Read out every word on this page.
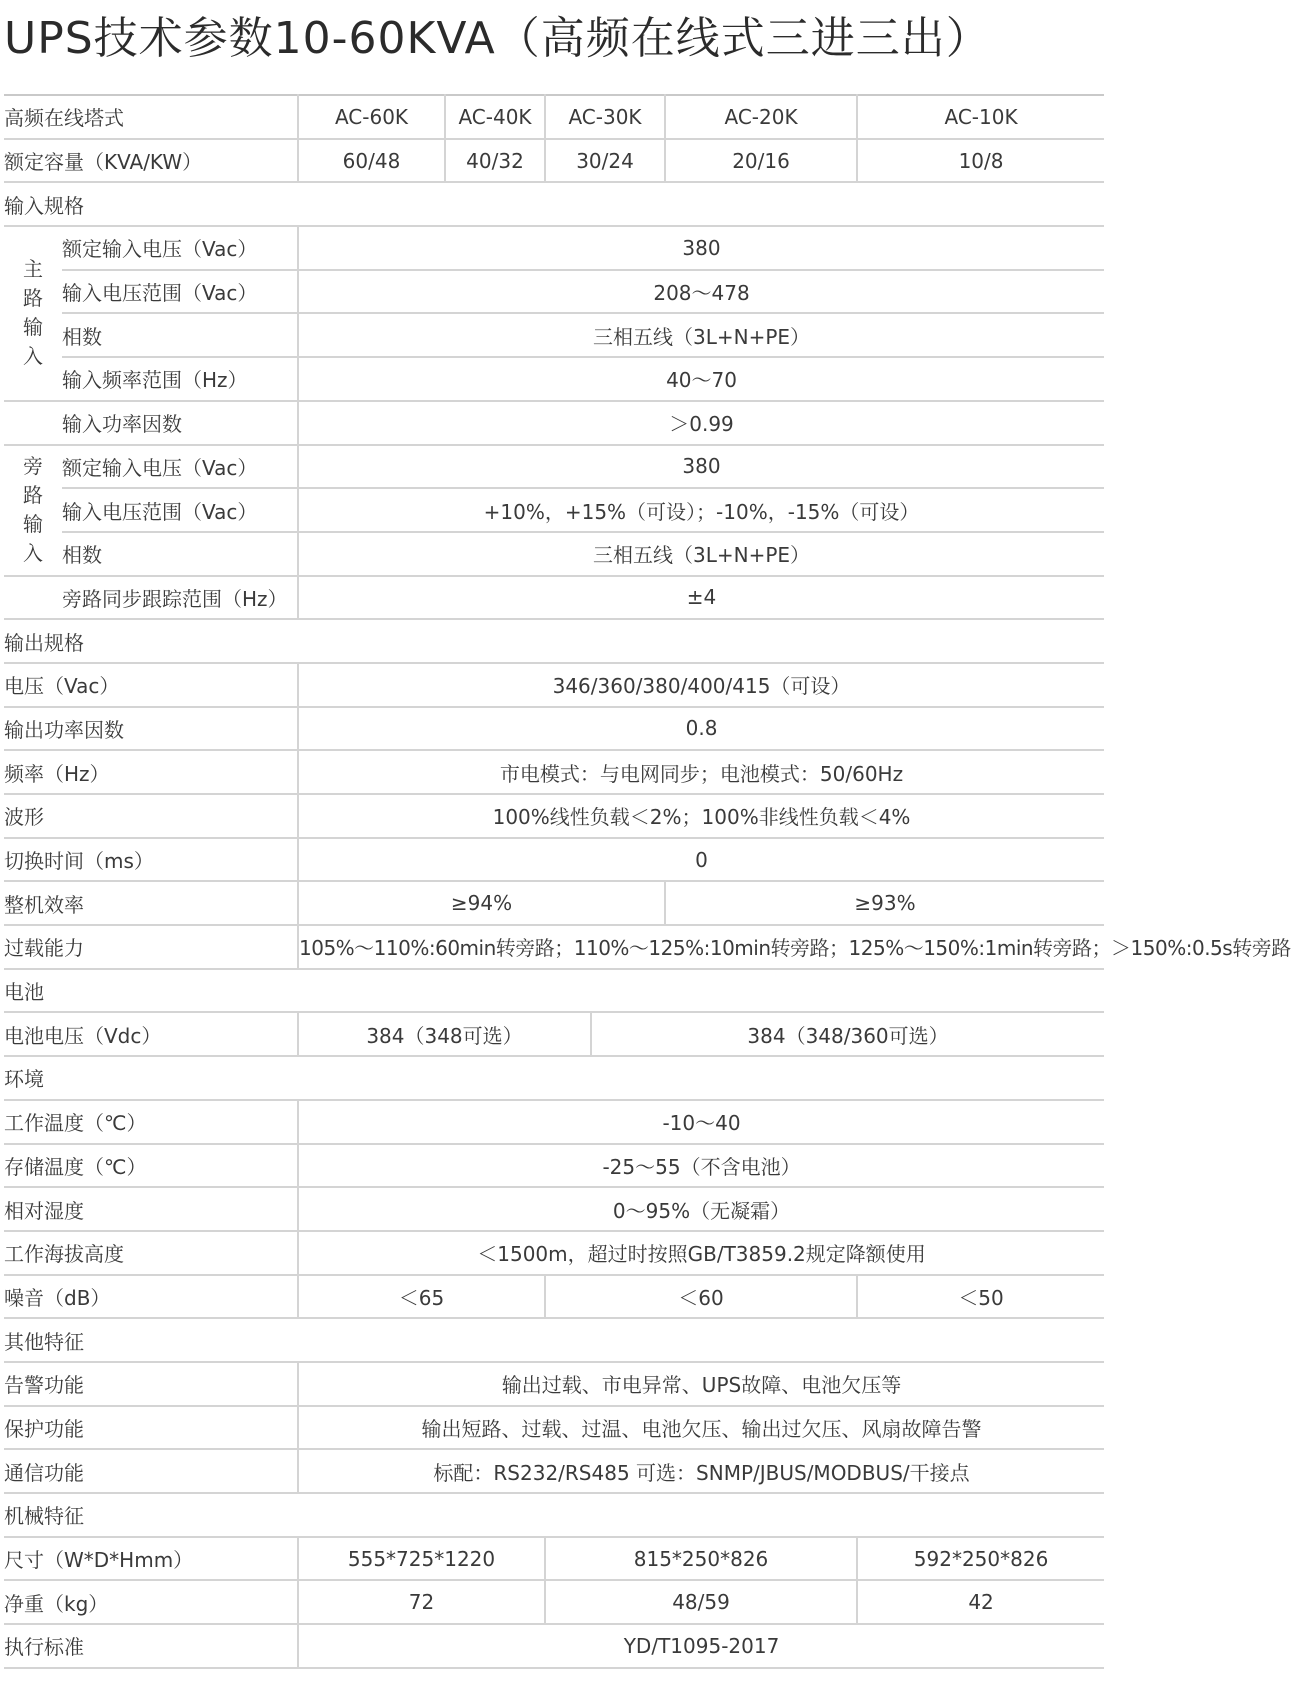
UPS技术参数10-60KVA（高频在线式三进三出）
高频在线塔式		AC-60K	AC-40K	AC-30K		AC-20K	AC-10K
额定容量（KVA/KW）		60/48	40/32	30/24		20/16	10/8
输入规格							

主路输入	额定输入电压（Vac）	380					
	输入电压范围（Vac）	208～478					
	相数	三相五线（3L+N+PE）					
	输入频率范围（Hz）	40～70					
	输入功率因数	＞0.99					

旁路输入	额定输入电压（Vac）	380					
	输入电压范围（Vac）	+10%，+15%（可设）；-10%，-15%（可设）					
	相数	三相五线（3L+N+PE）					
	旁路同步跟踪范围（Hz）	±4					
输出规格							
电压（Vac）		346/360/380/400/415（可设）					
输出功率因数		0.8					
频率（Hz）		市电模式：与电网同步；电池模式：50/60Hz					
波形		100%线性负载＜2%；100%非线性负载＜4%					
切换时间（ms）		0					
整机效率		≥94%				≥93%	
过载能力		105%～110%:60min转旁路；110%～125%:10min转旁路；125%～150%:1min转旁路；＞150%:0.5s转旁路					
电池							
电池电压（Vdc）		384（348可选）			384（348/360可选）		
环境							
工作温度（℃）		-10～40					
存储温度（℃）		-25～55（不含电池）					
相对湿度		0～95%（无凝霜）					
工作海拔高度		＜1500m，超过时按照GB/T3859.2规定降额使用					
噪音（dB）		＜65		＜60			＜50
其他特征							
告警功能		输出过载、市电异常、UPS故障、电池欠压等					
保护功能		输出短路、过载、过温、电池欠压、输出过欠压、风扇故障告警					
通信功能		标配：RS232/RS485 可选：SNMP/JBUS/MODBUS/干接点					
机械特征							
尺寸（W*D*Hmm）		555*725*1220		815*250*826			592*250*826
净重（kg）		72		48/59			42
执行标准		YD/T1095-2017					
